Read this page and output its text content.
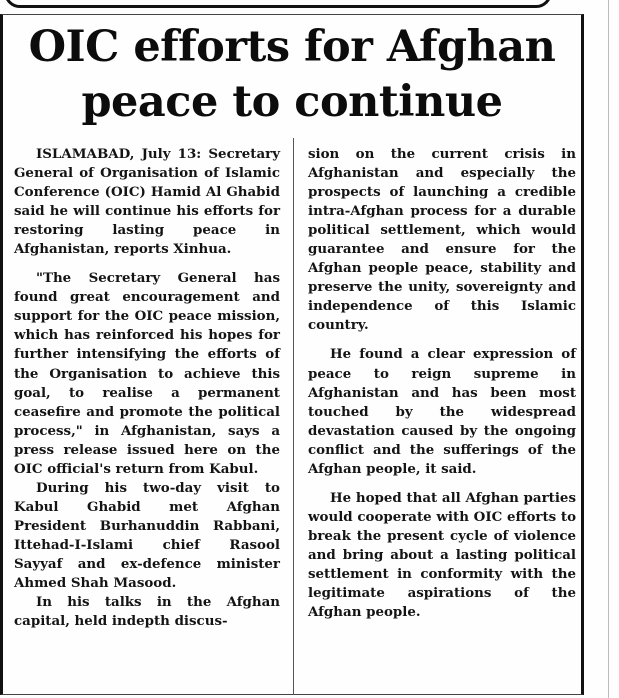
OIC efforts for Afghan
peace to continue

ISLAMABAD, July 13: Secretary General of Organisation of Islamic Conference (OIC) Hamid Al Ghabid said he will continue his efforts for restoring lasting peace in Afghanistan, reports Xinhua.

"The Secretary General has found great encouragement and support for the OIC peace mission, which has reinforced his hopes for further intensifying the efforts of the Organisation to achieve this goal, to realise a permanent ceasefire and promote the political process," in Afghanistan, says a press release issued here on the OIC official's return from Kabul.

During his two-day visit to Kabul Ghabid met Afghan President Burhanuddin Rabbani, Ittehad-I-Islami chief Rasool Sayyaf and ex-defence minister Ahmed Shah Masood.

In his talks in the Afghan capital, held indepth discus-

sion on the current crisis in Afghanistan and especially the prospects of launching a credible intra-Afghan process for a durable political settlement, which would guarantee and ensure for the Afghan people peace, stability and preserve the unity, sovereignty and independence of this Islamic country.

He found a clear expression of peace to reign supreme in Afghanistan and has been most touched by the widespread devastation caused by the ongoing conflict and the sufferings of the Afghan people, it said.

He hoped that all Afghan parties would cooperate with OIC efforts to break the present cycle of violence and bring about a lasting political settlement in conformity with the legitimate aspirations of the Afghan people.
